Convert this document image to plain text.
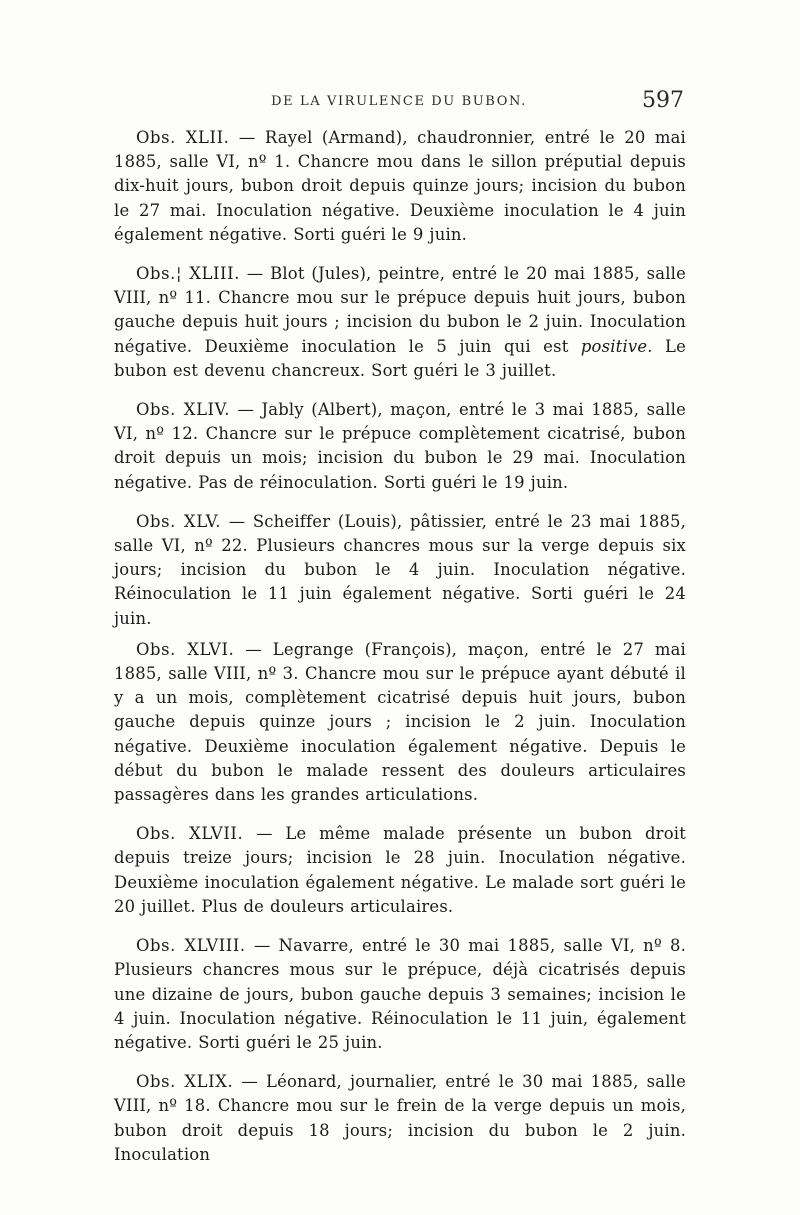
DE LA VIRULENCE DU BUBON.	597

Obs. XLII. — Rayel (Armand), chaudronnier, entré le 20 mai 1885, salle VI, nº 1. Chancre mou dans le sillon préputial depuis dix-huit jours, bubon droit depuis quinze jours; incision du bubon le 27 mai. Inoculation négative. Deuxième inoculation le 4 juin également négative. Sorti guéri le 9 juin.

Obs.¦ XLIII. — Blot (Jules), peintre, entré le 20 mai 1885, salle VIII, nº 11. Chancre mou sur le prépuce depuis huit jours, bubon gauche depuis huit jours ; incision du bubon le 2 juin. Inoculation négative. Deuxième inoculation le 5 juin qui est positive. Le bubon est devenu chancreux. Sort guéri le 3 juillet.

Obs. XLIV. — Jably (Albert), maçon, entré le 3 mai 1885, salle VI, nº 12. Chancre sur le prépuce complètement cicatrisé, bubon droit depuis un mois; incision du bubon le 29 mai. Inoculation négative. Pas de réinoculation. Sorti guéri le 19 juin.

Obs. XLV. — Scheiffer (Louis), pâtissier, entré le 23 mai 1885, salle VI, nº 22. Plusieurs chancres mous sur la verge depuis six jours; incision du bubon le 4 juin. Inoculation négative. Réinoculation le 11 juin également négative. Sorti guéri le 24 juin.

Obs. XLVI. — Legrange (François), maçon, entré le 27 mai 1885, salle VIII, nº 3. Chancre mou sur le prépuce ayant débuté il y a un mois, complètement cicatrisé depuis huit jours, bubon gauche depuis quinze jours ; incision le 2 juin. Inoculation négative. Deuxième inoculation également négative. Depuis le début du bubon le malade ressent des douleurs articulaires passagères dans les grandes articulations.

Obs. XLVII. — Le même malade présente un bubon droit depuis treize jours; incision le 28 juin. Inoculation négative. Deuxième inoculation également négative. Le malade sort guéri le 20 juillet. Plus de douleurs articulaires.

Obs. XLVIII. — Navarre, entré le 30 mai 1885, salle VI, nº 8. Plusieurs chancres mous sur le prépuce, déjà cicatrisés depuis une dizaine de jours, bubon gauche depuis 3 semaines; incision le 4 juin. Inoculation négative. Réinoculation le 11 juin, également négative. Sorti guéri le 25 juin.

Obs. XLIX. — Léonard, journalier, entré le 30 mai 1885, salle VIII, nº 18. Chancre mou sur le frein de la verge depuis un mois, bubon droit depuis 18 jours; incision du bubon le 2 juin. Inoculation
